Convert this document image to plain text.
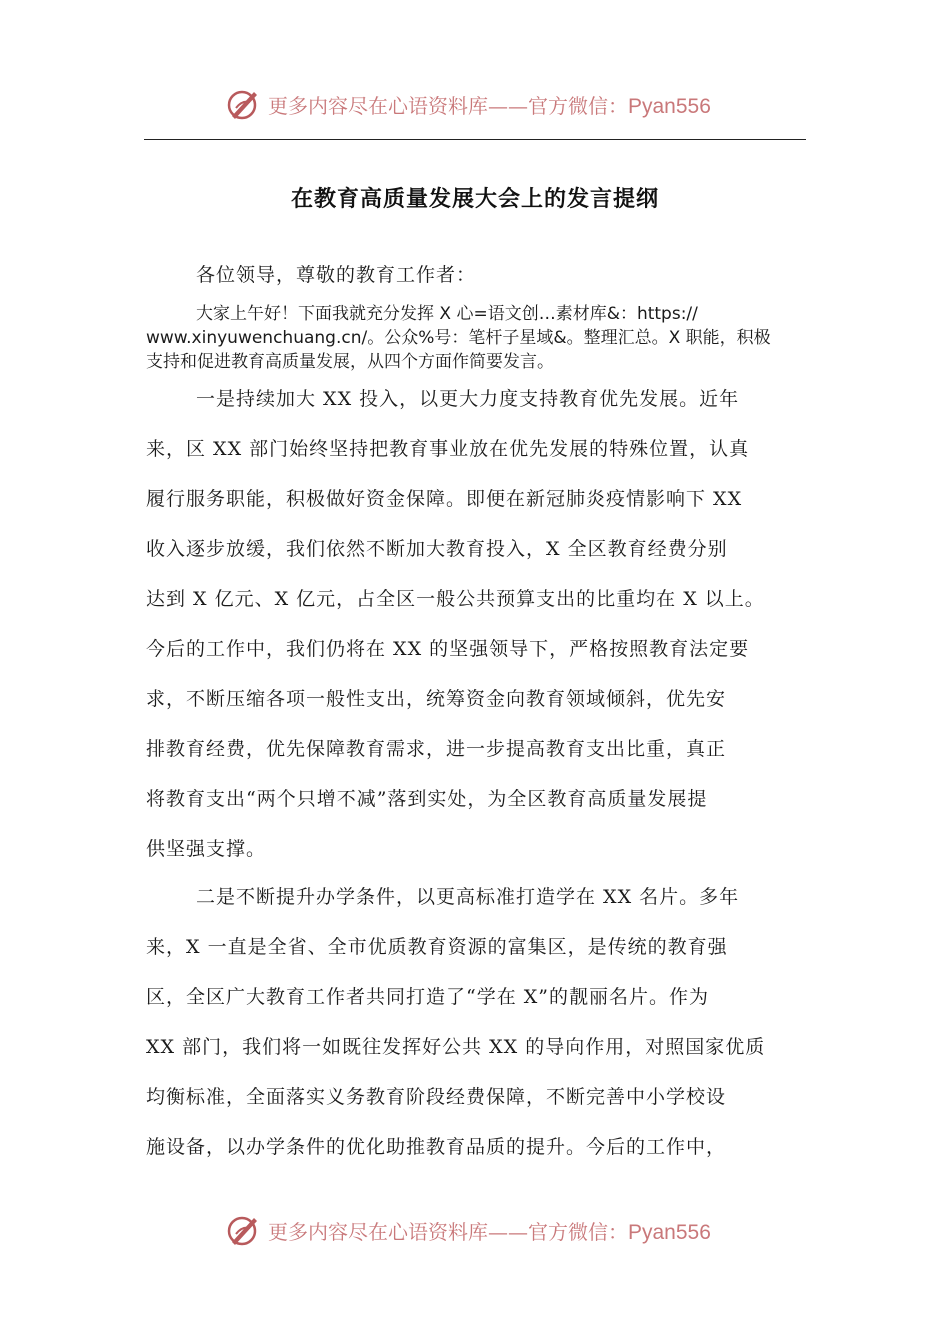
更多内容尽在心语资料库——官方微信：Pyan556
在教育高质量发展大会上的发言提纲
各位领导，尊敬的教育工作者：
大家上午好！下面我就充分发挥 X 心=语文创…素材库&：https://
www.xinyuwenchuang.cn/。公众%号：笔杆子星域&。整理汇总。X 职能，积极
支持和促进教育高质量发展，从四个方面作简要发言。
一是持续加大 XX 投入，以更大力度支持教育优先发展。近年
来，区 XX 部门始终坚持把教育事业放在优先发展的特殊位置，认真
履行服务职能，积极做好资金保障。即便在新冠肺炎疫情影响下 XX
收入逐步放缓，我们依然不断加大教育投入，X 全区教育经费分别
达到 X 亿元、X 亿元，占全区一般公共预算支出的比重均在 X 以上。
今后的工作中，我们仍将在 XX 的坚强领导下，严格按照教育法定要
求，不断压缩各项一般性支出，统筹资金向教育领域倾斜，优先安
排教育经费，优先保障教育需求，进一步提高教育支出比重，真正
将教育支出“两个只增不减”落到实处，为全区教育高质量发展提
供坚强支撑。
二是不断提升办学条件，以更高标准打造学在 XX 名片。多年
来，X 一直是全省、全市优质教育资源的富集区，是传统的教育强
区，全区广大教育工作者共同打造了“学在 X”的靓丽名片。作为
XX 部门，我们将一如既往发挥好公共 XX 的导向作用，对照国家优质
均衡标准，全面落实义务教育阶段经费保障，不断完善中小学校设
施设备，以办学条件的优化助推教育品质的提升。今后的工作中，
更多内容尽在心语资料库——官方微信：Pyan556
